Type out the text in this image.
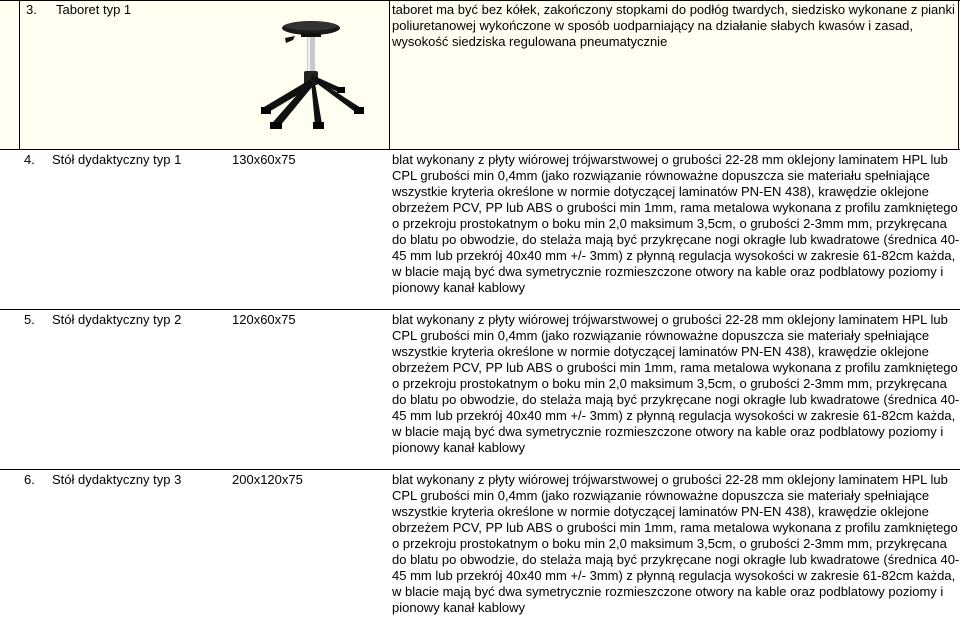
3. Taboret typ 1	taboret ma być bez kółek, zakończony stopkami do podłóg twardych, siedzisko wykonane z pianki
poliuretanowej wykończone w sposób uodparniający na działanie słabych kwasów i zasad,
wysokość siedziska regulowana pneumatycznie
4. Stół dydaktyczny typ 1	130x60x75	blat wykonany z płyty wiórowej trójwarstwowej o grubości 22-28 mm oklejony laminatem HPL lub
CPL grubości min 0,4mm (jako rozwiązanie równoważne dopuszcza sie materiału spełniające
wszystkie kryteria określone w normie dotyczącej laminatów PN-EN 438), krawędzie oklejone
obrzeżem PCV, PP lub ABS o grubości min 1mm, rama metalowa wykonana z profilu zamkniętego
o przekroju prostokatnym o boku min 2,0 maksimum 3,5cm, o grubości 2-3mm mm, przykręcana
do blatu po obwodzie, do stelaża mają być przykręcane nogi okragłe lub kwadratowe (średnica 40-
45 mm lub przekrój 40x40 mm +/- 3mm) z płynną regulacja wysokości w zakresie 61-82cm każda,
w blacie mają być dwa symetrycznie rozmieszczone otwory na kable oraz podblatowy poziomy i
pionowy kanał kablowy
5. Stół dydaktyczny typ 2	120x60x75	blat wykonany z płyty wiórowej trójwarstwowej o grubości 22-28 mm oklejony laminatem HPL lub
CPL grubości min 0,4mm (jako rozwiązanie równoważne dopuszcza sie materiały spełniające
wszystkie kryteria określone w normie dotyczącej laminatów PN-EN 438), krawędzie oklejone
obrzeżem PCV, PP lub ABS o grubości min 1mm, rama metalowa wykonana z profilu zamkniętego
o przekroju prostokatnym o boku min 2,0 maksimum 3,5cm, o grubości 2-3mm mm, przykręcana
do blatu po obwodzie, do stelaża mają być przykręcane nogi okragłe lub kwadratowe (średnica 40-
45 mm lub przekrój 40x40 mm +/- 3mm) z płynną regulacja wysokości w zakresie 61-82cm każda,
w blacie mają być dwa symetrycznie rozmieszczone otwory na kable oraz podblatowy poziomy i
pionowy kanał kablowy
6. Stół dydaktyczny typ 3	200x120x75	blat wykonany z płyty wiórowej trójwarstwowej o grubości 22-28 mm oklejony laminatem HPL lub
CPL grubości min 0,4mm (jako rozwiązanie równoważne dopuszcza sie materiały spełniające
wszystkie kryteria określone w normie dotyczącej laminatów PN-EN 438), krawędzie oklejone
obrzeżem PCV, PP lub ABS o grubości min 1mm, rama metalowa wykonana z profilu zamkniętego
o przekroju prostokatnym o boku min 2,0 maksimum 3,5cm, o grubości 2-3mm mm, przykręcana
do blatu po obwodzie, do stelaża mają być przykręcane nogi okragłe lub kwadratowe (średnica 40-
45 mm lub przekrój 40x40 mm +/- 3mm) z płynną regulacja wysokości w zakresie 61-82cm każda,
w blacie mają być dwa symetrycznie rozmieszczone otwory na kable oraz podblatowy poziomy i
pionowy kanał kablowy
